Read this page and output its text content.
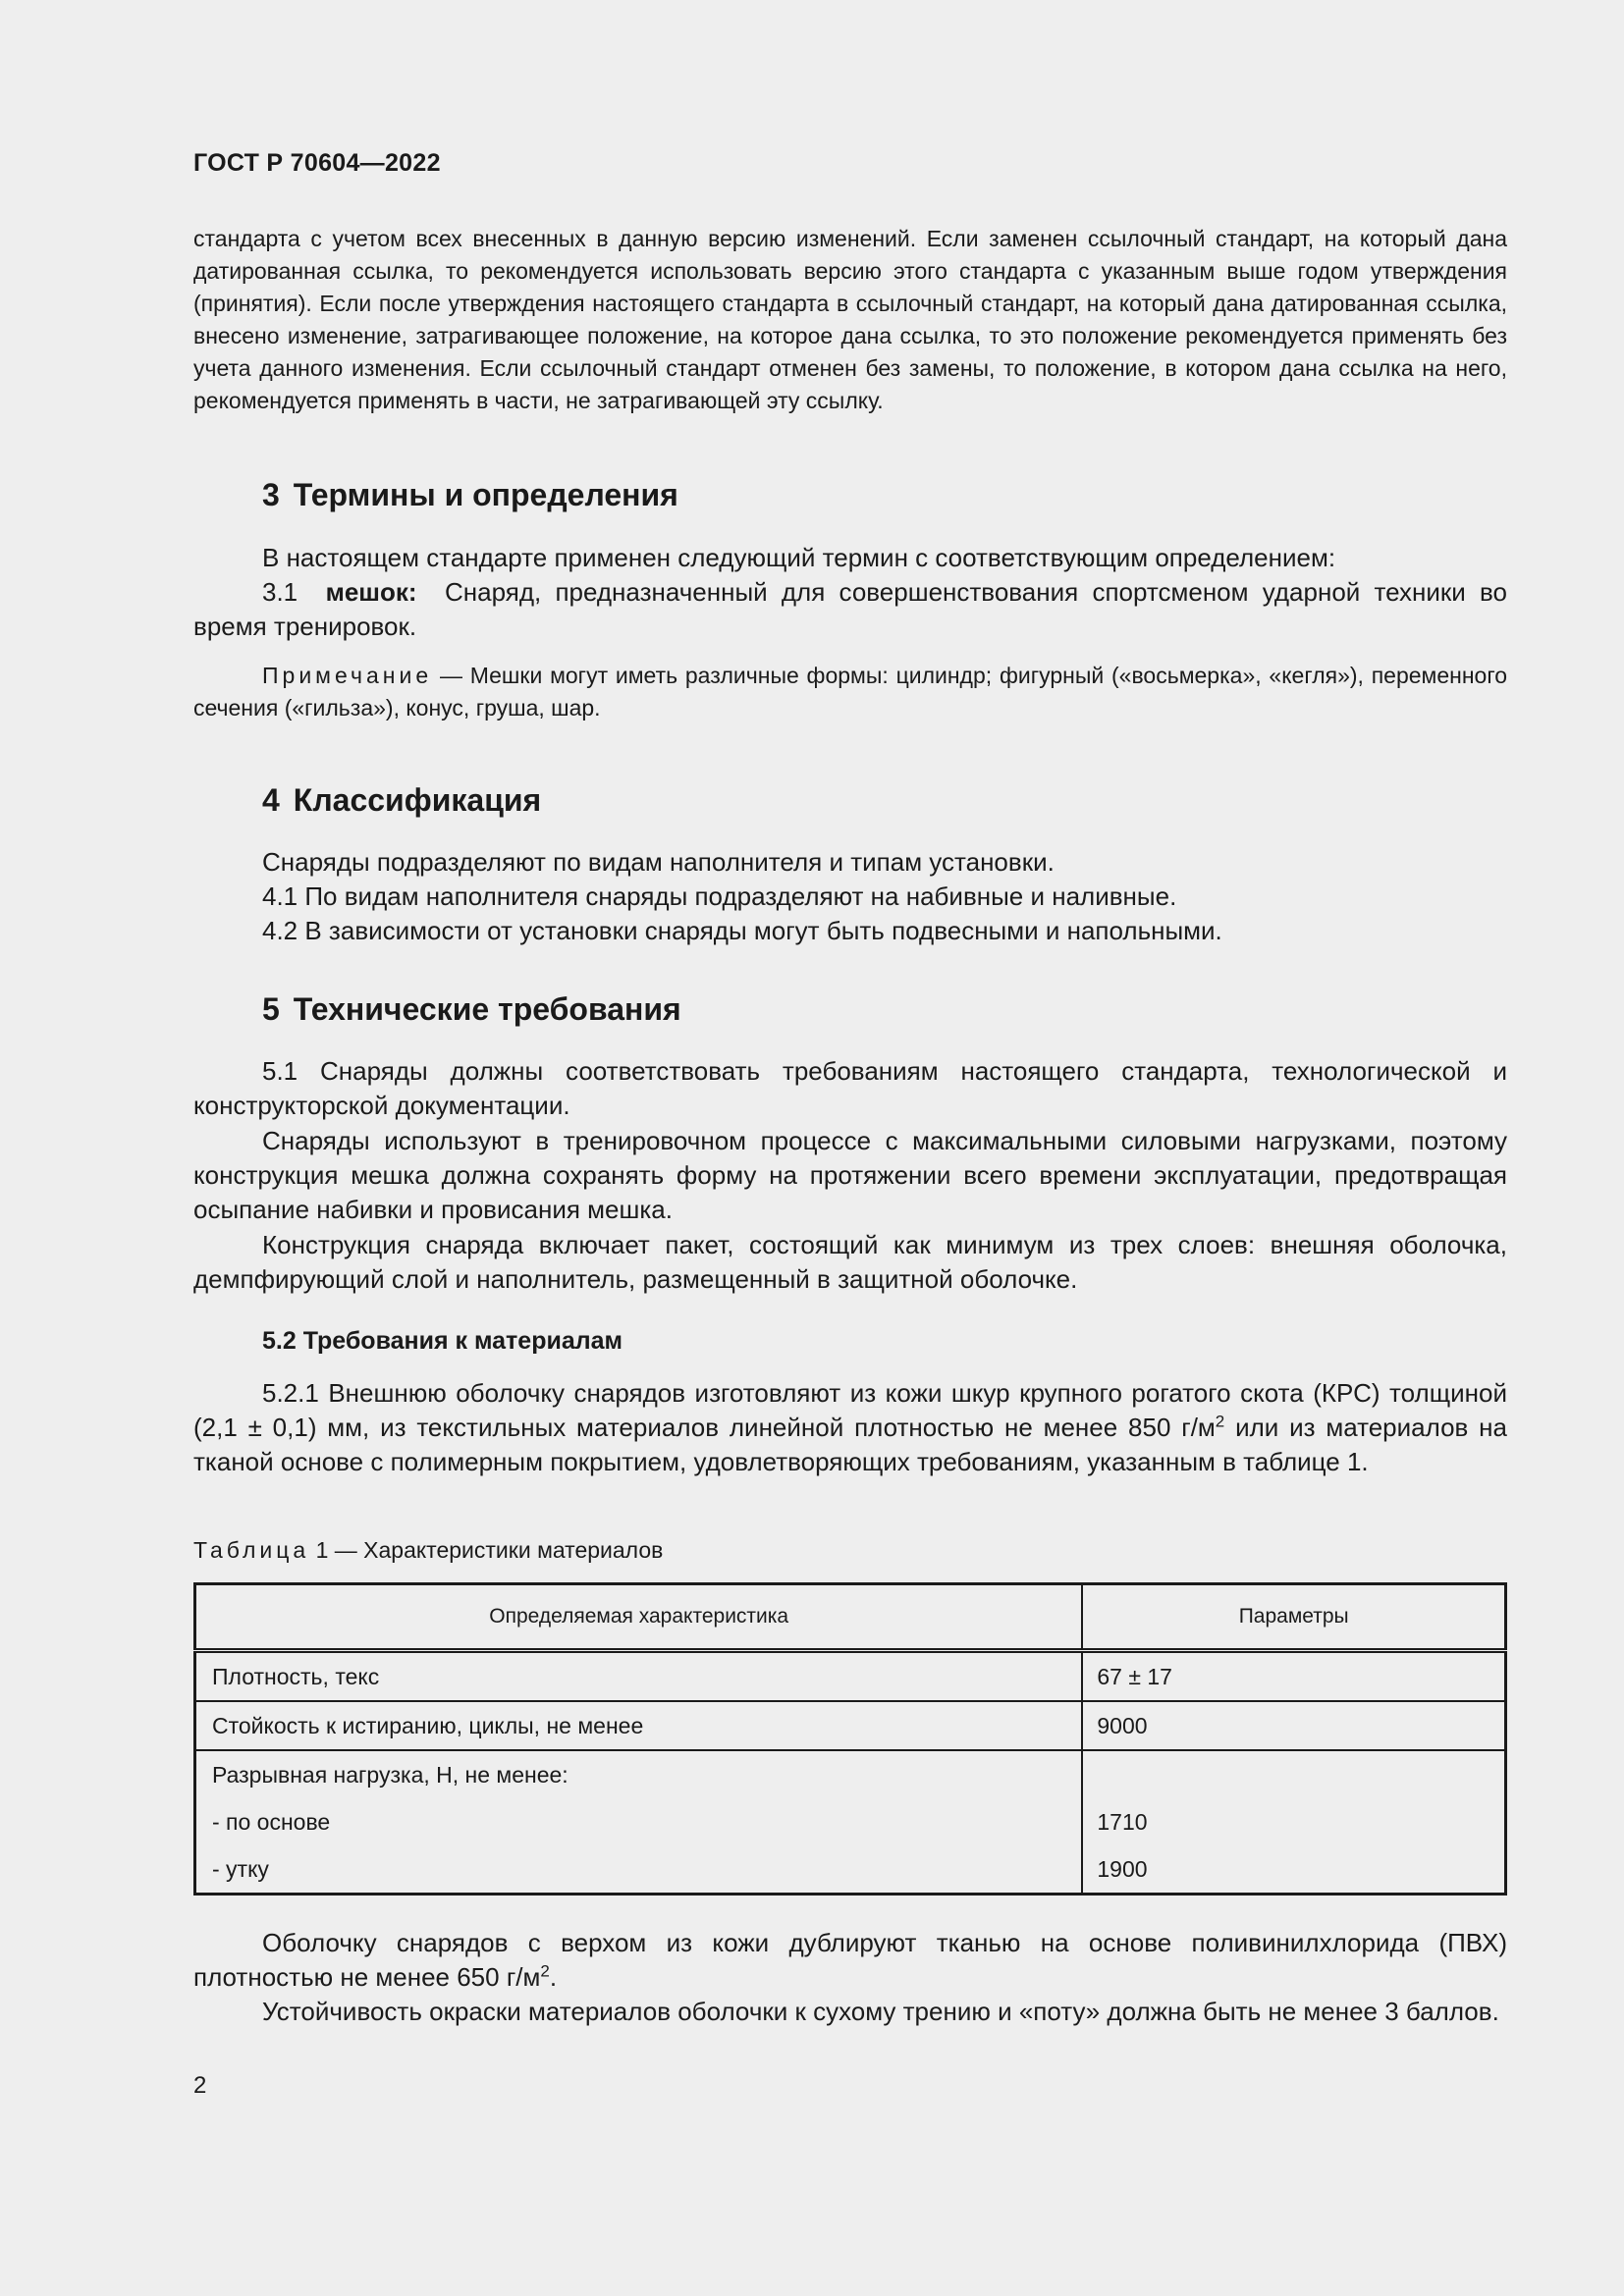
ГОСТ Р 70604—2022

стандарта с учетом всех внесенных в данную версию изменений. Если заменен ссылочный стандарт, на который дана датированная ссылка, то рекомендуется использовать версию этого стандарта с указанным выше годом утверждения (принятия). Если после утверждения настоящего стандарта в ссылочный стандарт, на который дана датированная ссылка, внесено изменение, затрагивающее положение, на которое дана ссылка, то это положение рекомендуется применять без учета данного изменения. Если ссылочный стандарт отменен без замены, то положение, в котором дана ссылка на него, рекомендуется применять в части, не затрагивающей эту ссылку.

3 Термины и определения

В настоящем стандарте применен следующий термин с соответствующим определением:

3.1 мешок: Снаряд, предназначенный для совершенствования спортсменом ударной техники во время тренировок.

Примечание — Мешки могут иметь различные формы: цилиндр; фигурный («восьмерка», «кегля»), переменного сечения («гильза»), конус, груша, шар.

4 Классификация

Снаряды подразделяют по видам наполнителя и типам установки.

4.1 По видам наполнителя снаряды подразделяют на набивные и наливные.

4.2 В зависимости от установки снаряды могут быть подвесными и напольными.

5 Технические требования

5.1 Снаряды должны соответствовать требованиям настоящего стандарта, технологической и конструкторской документации.

Снаряды используют в тренировочном процессе с максимальными силовыми нагрузками, поэтому конструкция мешка должна сохранять форму на протяжении всего времени эксплуатации, предотвращая осыпание набивки и провисания мешка.

Конструкция снаряда включает пакет, состоящий как минимум из трех слоев: внешняя оболочка, демпфирующий слой и наполнитель, размещенный в защитной оболочке.

5.2 Требования к материалам

5.2.1 Внешнюю оболочку снарядов изготовляют из кожи шкур крупного рогатого скота (КРС) толщиной (2,1 ± 0,1) мм, из текстильных материалов линейной плотностью не менее 850 $г/м^2$ или из материалов на тканой основе с полимерным покрытием, удовлетворяющих требованиям, указанным в таблице 1.

Таблица 1 — Характеристики материалов

Определяемая характеристика	Параметры
Плотность, текс	67 ± 17
Стойкость к истиранию, циклы, не менее	9000
Разрывная нагрузка, Н, не менее:	
- по основе	1710
- утку	1900

Оболочку снарядов с верхом из кожи дублируют тканью на основе поливинилхлорида (ПВХ) плотностью не менее 650 $г/м^2$.

Устойчивость окраски материалов оболочки к сухому трению и «поту» должна быть не менее 3 баллов.

2
